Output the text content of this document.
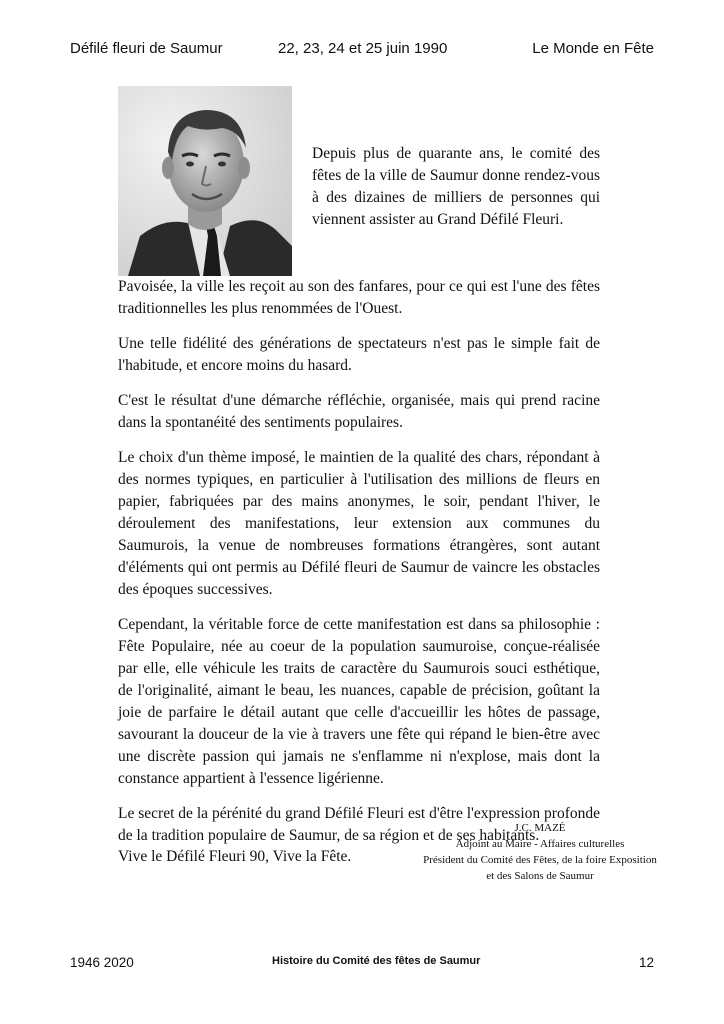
Défilé fleuri de Saumur	22, 23, 24 et 25 juin 1990	Le Monde en Fête
Depuis plus de quarante ans, le comité des fêtes de la ville de Saumur donne rendez-vous à des dizaines de milliers de personnes qui viennent assister au Grand Défilé Fleuri.

Pavoisée, la ville les reçoit au son des fanfares, pour ce qui est l'une des fêtes traditionnelles les plus renommées de l'Ouest.

Une telle fidélité des générations de spectateurs n'est pas le simple fait de l'habitude, et encore moins du hasard.

C'est le résultat d'une démarche réfléchie, organisée, mais qui prend racine dans la spontanéité des sentiments populaires.

Le choix d'un thème imposé, le maintien de la qualité des chars, répondant à des normes typiques, en particulier à l'utilisation des millions de fleurs en papier, fabriquées par des mains anonymes, le soir, pendant l'hiver, le déroulement des manifestations, leur extension aux communes du Saumurois, la venue de nombreuses formations étrangères, sont autant d'éléments qui ont permis au Défilé fleuri de Saumur de vaincre les obstacles des époques successives.

Cependant, la véritable force de cette manifestation est dans sa philosophie : Fête Populaire, née au coeur de la population saumuroise, conçue-réalisée par elle, elle véhicule les traits de caractère du Saumurois souci esthétique, de l'originalité, aimant le beau, les nuances, capable de précision, goûtant la joie de parfaire le détail autant que celle d'accueillir les hôtes de passage, savourant la douceur de la vie à travers une fête qui répand le bien-être avec une discrète passion qui jamais ne s'enflamme ni n'explose, mais dont la constance appartient à l'essence ligérienne.

Le secret de la pérénité du grand Défilé Fleuri est d'être l'expression profonde de la tradition populaire de Saumur, de sa région et de ses habitants.

Vive le Défilé Fleuri 90, Vive la Fête.
J.C. MAZÉ
Adjoint au Maire - Affaires culturelles
Président du Comité des Fêtes, de la foire Exposition
et des Salons de Saumur
1946 2020	Histoire du Comité des fêtes de Saumur	12
